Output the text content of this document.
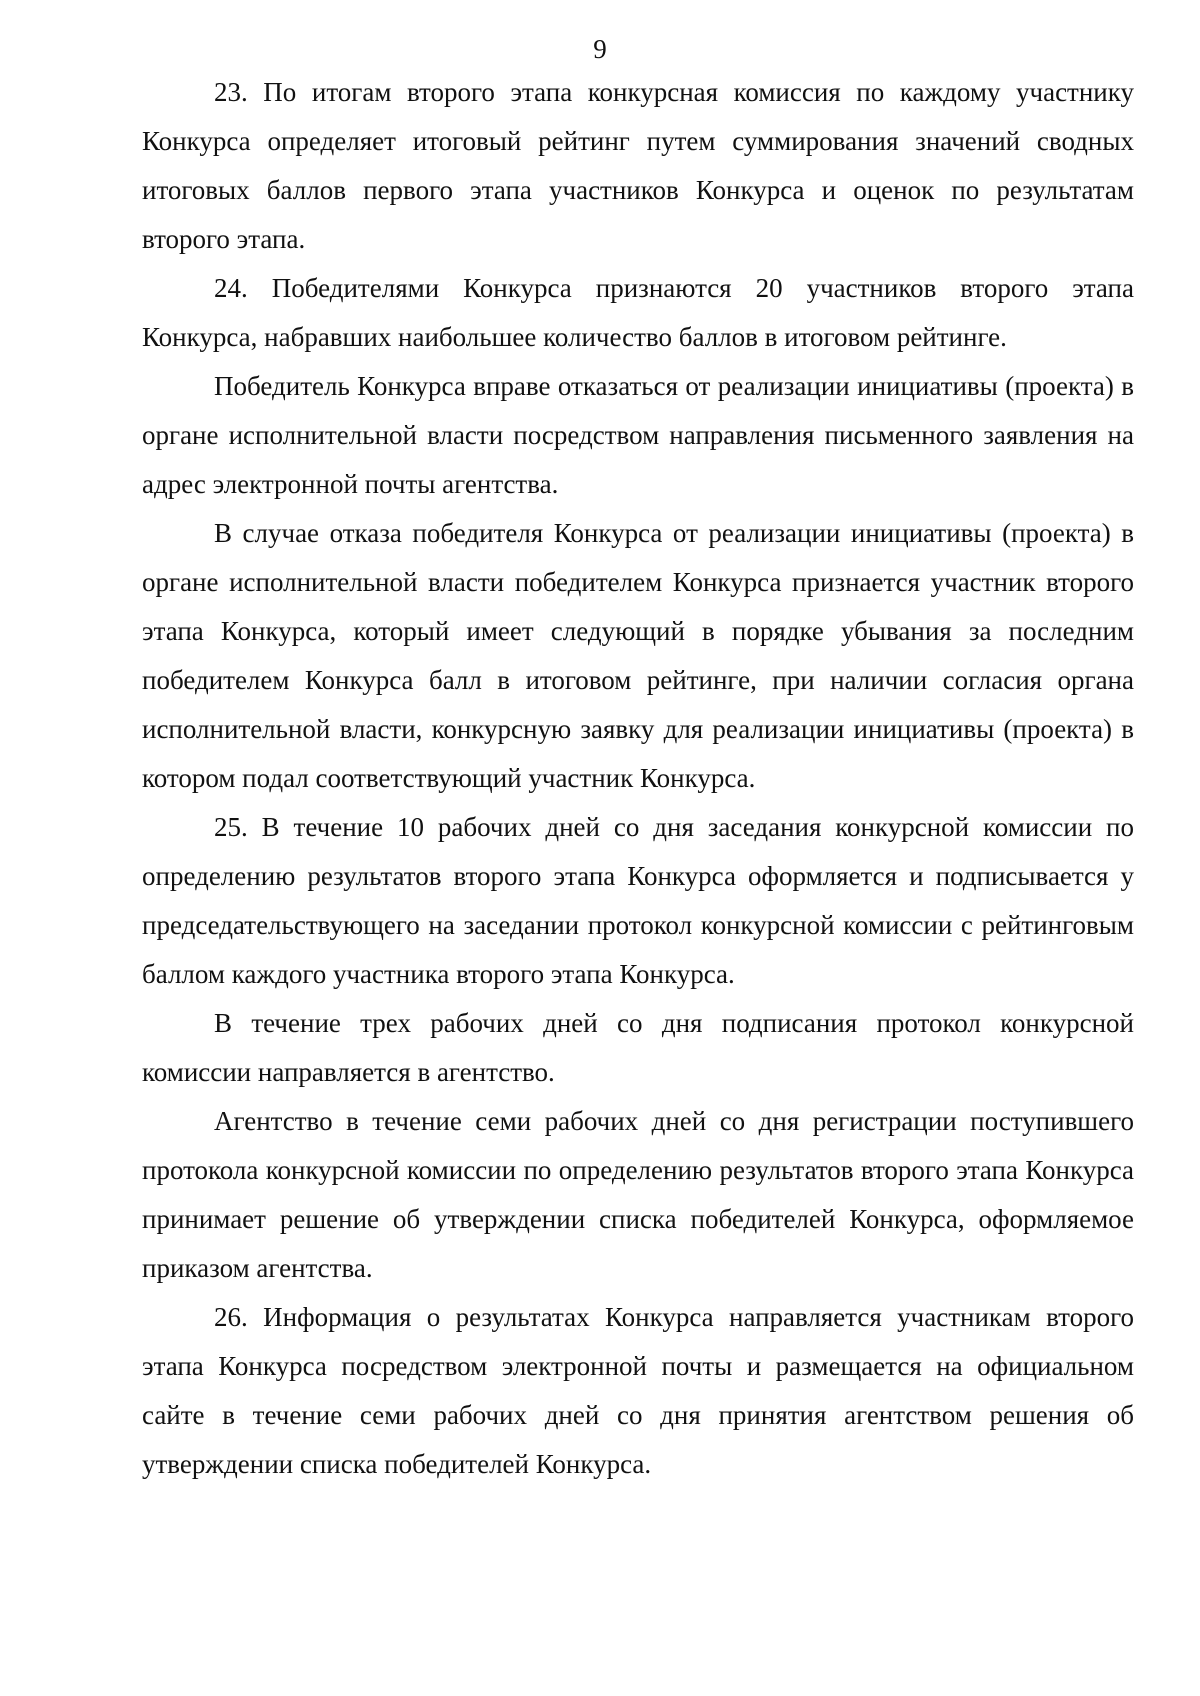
9

23. По итогам второго этапа конкурсная комиссия по каждому участнику Конкурса определяет итоговый рейтинг путем суммирования значений сводных итоговых баллов первого этапа участников Конкурса и оценок по результатам второго этапа.

24. Победителями Конкурса признаются 20 участников второго этапа Конкурса, набравших наибольшее количество баллов в итоговом рейтинге.

Победитель Конкурса вправе отказаться от реализации инициативы (проекта) в органе исполнительной власти посредством направления письменного заявления на адрес электронной почты агентства.

В случае отказа победителя Конкурса от реализации инициативы (проекта) в органе исполнительной власти победителем Конкурса признается участник второго этапа Конкурса, который имеет следующий в порядке убывания за последним победителем Конкурса балл в итоговом рейтинге, при наличии согласия органа исполнительной власти, конкурсную заявку для реализации инициативы (проекта) в котором подал соответствующий участник Конкурса.

25. В течение 10 рабочих дней со дня заседания конкурсной комиссии по определению результатов второго этапа Конкурса оформляется и подписывается у председательствующего на заседании протокол конкурсной комиссии с рейтинговым баллом каждого участника второго этапа Конкурса.

В течение трех рабочих дней со дня подписания протокол конкурсной комиссии направляется в агентство.

Агентство в течение семи рабочих дней со дня регистрации поступившего протокола конкурсной комиссии по определению результатов второго этапа Конкурса принимает решение об утверждении списка победителей Конкурса, оформляемое приказом агентства.

26. Информация о результатах Конкурса направляется участникам второго этапа Конкурса посредством электронной почты и размещается на официальном сайте в течение семи рабочих дней со дня принятия агентством решения об утверждении списка победителей Конкурса.
